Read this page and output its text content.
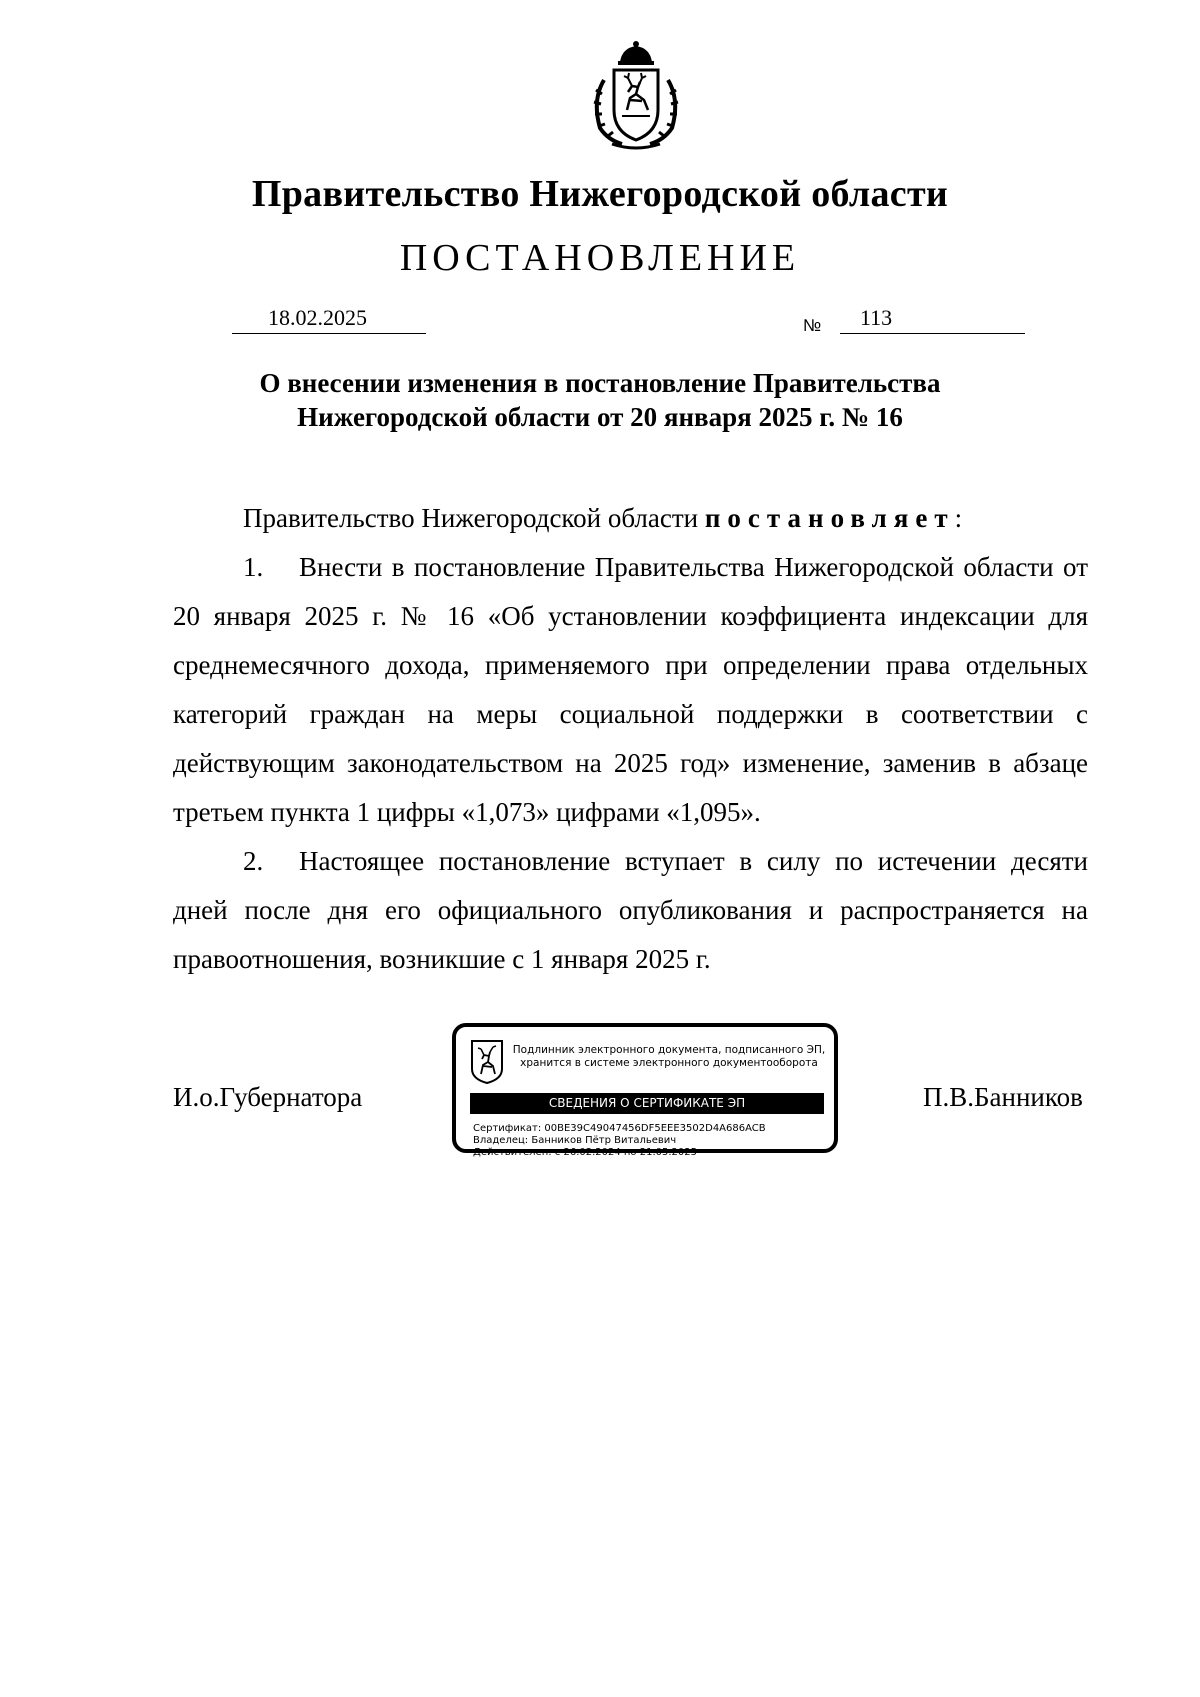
Правительство Нижегородской области
ПОСТАНОВЛЕНИЕ
18.02.2025	№ 113
О внесении изменения в постановление Правительства
Нижегородской области от 20 января 2025 г. № 16

Правительство Нижегородской области постановляет:

1. Внести в постановление Правительства Нижегородской области от 20 января 2025 г. № 16 «Об установлении коэффициента индексации для среднемесячного дохода, применяемого при определении права отдельных категорий граждан на меры социальной поддержки в соответствии с действующим законодательством на 2025 год» изменение, заменив в абзаце третьем пункта 1 цифры «1,073» цифрами «1,095».

2. Настоящее постановление вступает в силу по истечении десяти дней после дня его официального опубликования и распространяется на правоотношения, возникшие с 1 января 2025 г.

И.о.Губернатора	П.В.Банников
Подлинник электронного документа, подписанного ЭП,
хранится в системе электронного документооборота
СВЕДЕНИЯ О СЕРТИФИКАТЕ ЭП
Сертификат: 00BE39C49047456DF5EEE3502D4A686ACB
Владелец: Банников Пётр Витальевич
Действителен: с 26.02.2024 по 21.05.2025
